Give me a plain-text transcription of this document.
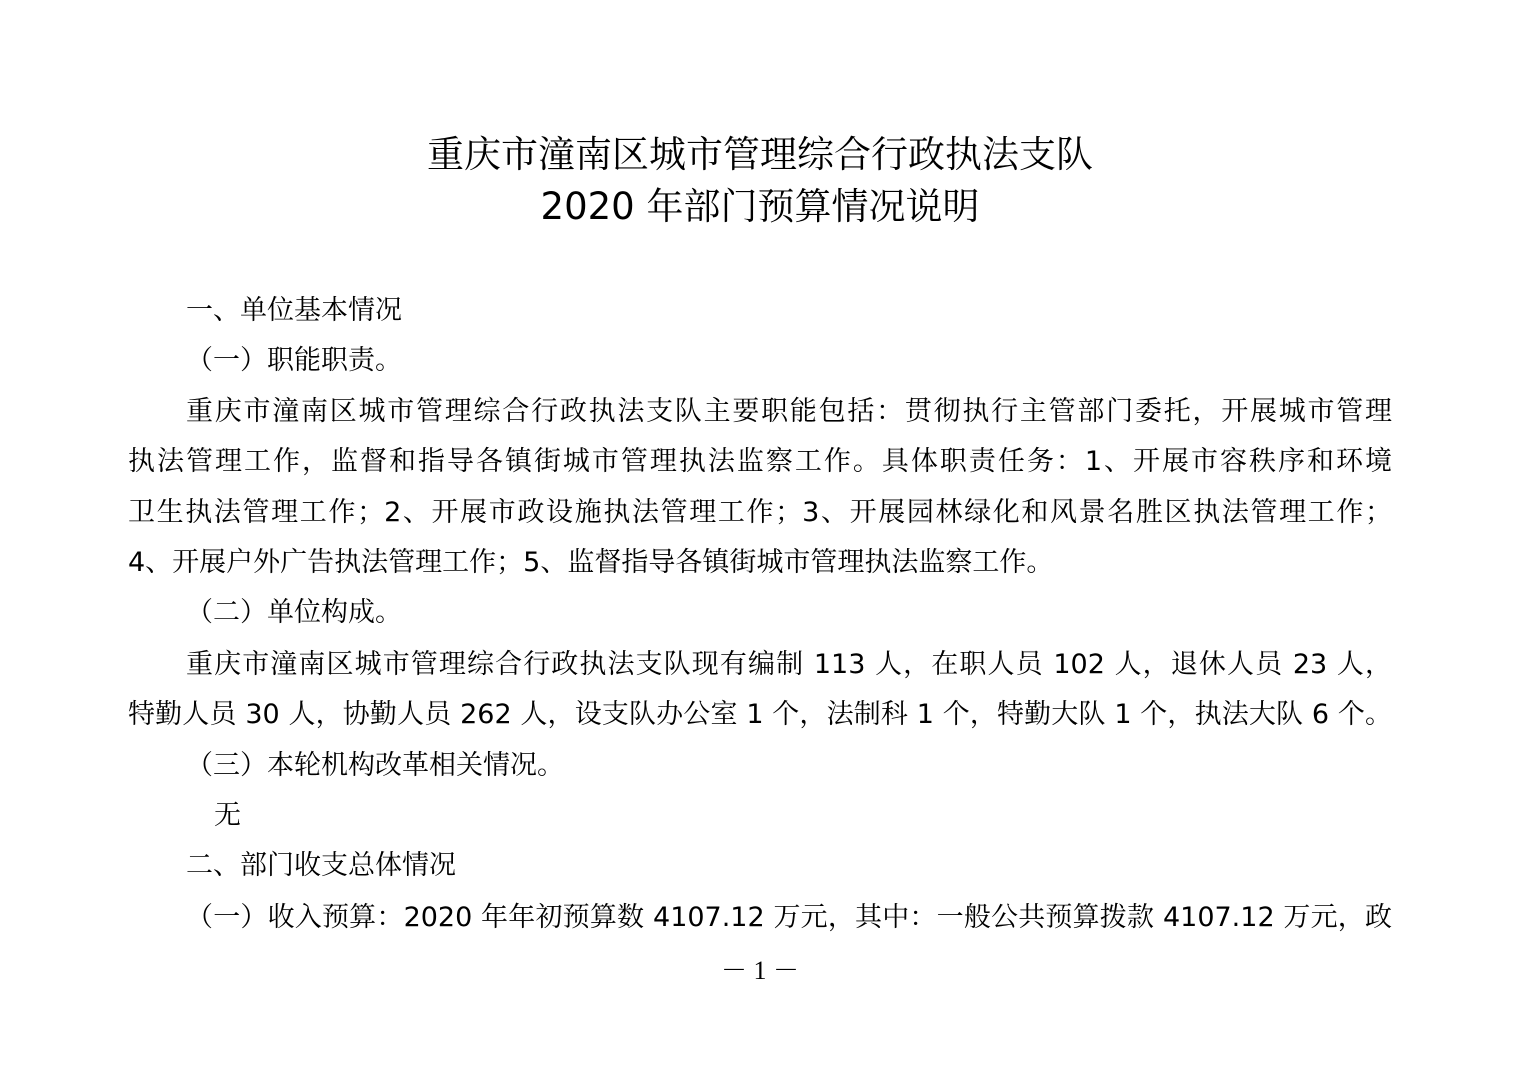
重庆市潼南区城市管理综合行政执法支队
2020 年部门预算情况说明
一、单位基本情况
（一）职能职责。
重庆市潼南区城市管理综合行政执法支队主要职能包括：贯彻执行主管部门委托，开展城市管理
执法管理工作，监督和指导各镇街城市管理执法监察工作。具体职责任务：1、开展市容秩序和环境
卫生执法管理工作；2、开展市政设施执法管理工作；3、开展园林绿化和风景名胜区执法管理工作；
4、开展户外广告执法管理工作；5、监督指导各镇街城市管理执法监察工作。
（二）单位构成。
重庆市潼南区城市管理综合行政执法支队现有编制 113 人，在职人员 102 人，退休人员 23 人，
特勤人员 30 人，协勤人员 262 人，设支队办公室 1 个，法制科 1 个，特勤大队 1 个，执法大队 6 个。
（三）本轮机构改革相关情况。
无
二、部门收支总体情况
（一）收入预算：2020 年年初预算数 4107.12 万元，其中：一般公共预算拨款 4107.12 万元，政
－ 1 －
